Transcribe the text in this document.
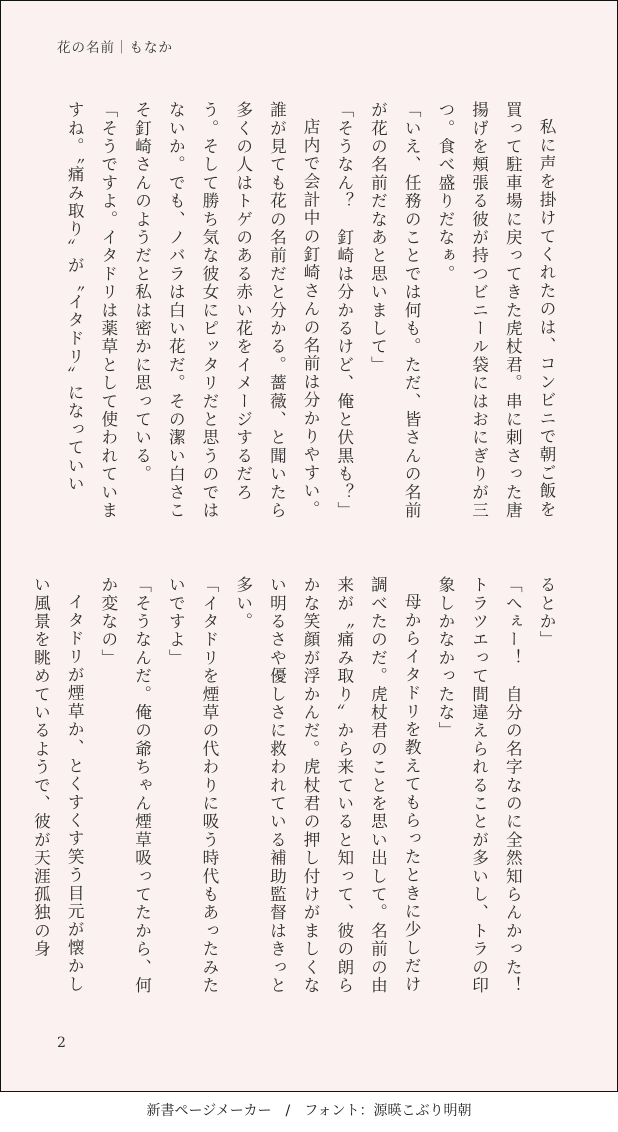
花の名前｜もなか

私に声を掛けてくれたのは、コンビニで朝ご飯を買って駐車場に戻ってきた虎杖君。串に刺さった唐揚げを頬張る彼が持つビニール袋にはおにぎりが三つ。食べ盛りだなぁ。

「いえ、任務のことでは何も。ただ、皆さんの名前が花の名前だなあと思いまして」

「そうなん？　釘崎は分かるけど、俺と伏黒も？」

店内で会計中の釘崎さんの名前は分かりやすい。誰が見ても花の名前だと分かる。薔薇、と聞いたら多くの人はトゲのある赤い花をイメージするだろう。そして勝ち気な彼女にピッタリだと思うのではないか。でも、ノバラは白い花だ。その潔い白さこそ釘崎さんのようだと私は密かに思っている。

「そうですよ。イタドリは薬草として使われていますね。〝痛み取り〟が〝イタドリ〟になっていい

るとか」

「へぇー！　自分の名字なのに全然知らんかった！　トラツエって間違えられることが多いし、トラの印象しかなかったな」

母からイタドリを教えてもらったときに少しだけ調べたのだ。虎杖君のことを思い出して。名前の由来が〝痛み取り〟から来ていると知って、彼の朗らかな笑顔が浮かんだ。虎杖君の押し付けがましくない明るさや優しさに救われている補助監督はきっと多い。

「イタドリを煙草の代わりに吸う時代もあったみたいですよ」

「そうなんだ。俺の爺ちゃん煙草吸ってたから、何か変なの」

イタドリが煙草か、とくすくす笑う目元が懐かしい風景を眺めているようで、彼が天涯孤独の身

2
新書ページメーカー　/　フォント：源暎こぶり明朝
